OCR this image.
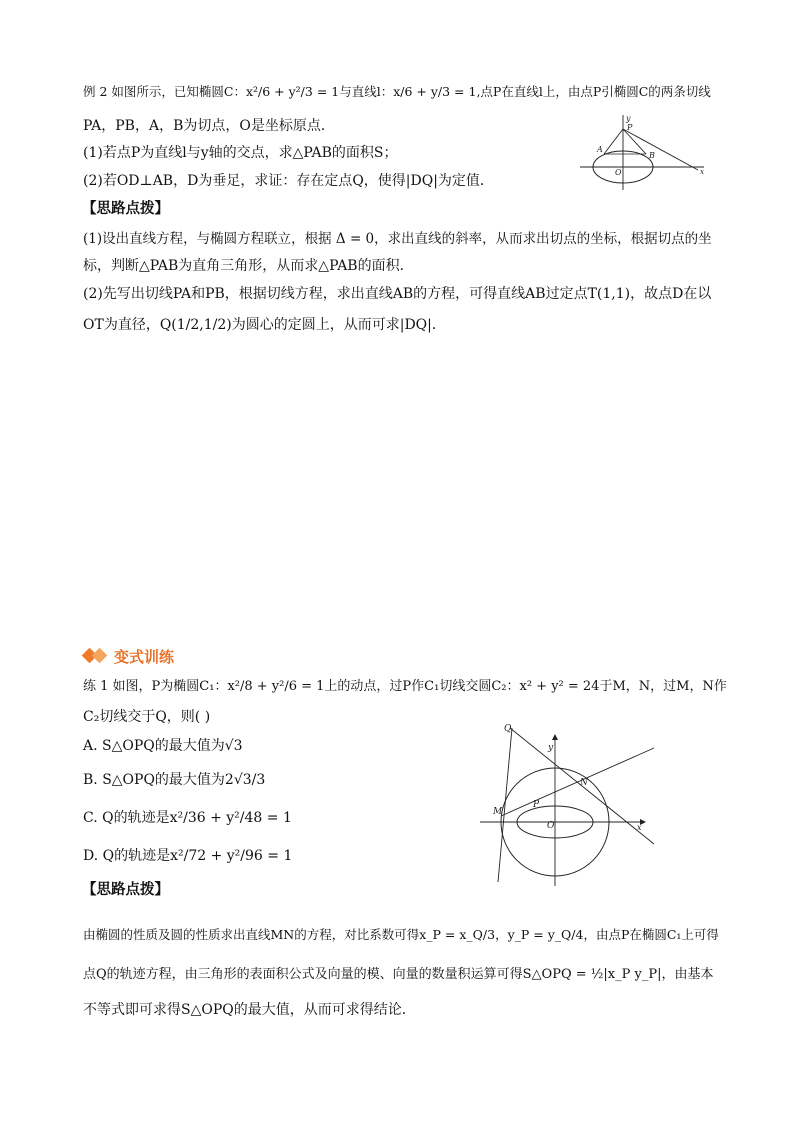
例 2 如图所示，已知椭圆C：x²/6 + y²/3 = 1与直线l：x/6 + y/3 = 1,点P在直线l上，由点P引椭圆C的两条切线
PA，PB，A，B为切点，O是坐标原点．
(1)若点P为直线l与y轴的交点，求△PAB的面积S；
(2)若OD⊥AB，D为垂足，求证：存在定点Q，使得|DQ|为定值．
y
P
A
B
O	x
【思路点拨】
(1)设出直线方程，与椭圆方程联立，根据 Δ = 0，求出直线的斜率，从而求出切点的坐标，根据切点的坐
标，判断△PAB为直角三角形，从而求△PAB的面积．
(2)先写出切线PA和PB，根据切线方程，求出直线AB的方程，可得直线AB过定点T(1,1)，故点D在以
OT为直径，Q(1/2,1/2)为圆心的定圆上，从而可求|DQ|．
变式训练
练 1 如图，P为椭圆C₁：x²/8 + y²/6 = 1上的动点，过P作C₁切线交圆C₂：x² + y² = 24于M，N，过M，N作
C₂切线交于Q，则( )
A. S△OPQ的最大值为√3
B. S△OPQ的最大值为2√3/3
C. Q的轨迹是x²/36 + y²/48 = 1
D. Q的轨迹是x²/72 + y²/96 = 1
Q
y
N
M
P
O	x
【思路点拨】
由椭圆的性质及圆的性质求出直线MN的方程，对比系数可得x_P = x_Q/3，y_P = y_Q/4，由点P在椭圆C₁上可得
点Q的轨迹方程，由三角形的表面积公式及向量的模、向量的数量积运算可得S△OPQ = ½|x_P y_P|，由基本
不等式即可求得S△OPQ的最大值，从而可求得结论．
